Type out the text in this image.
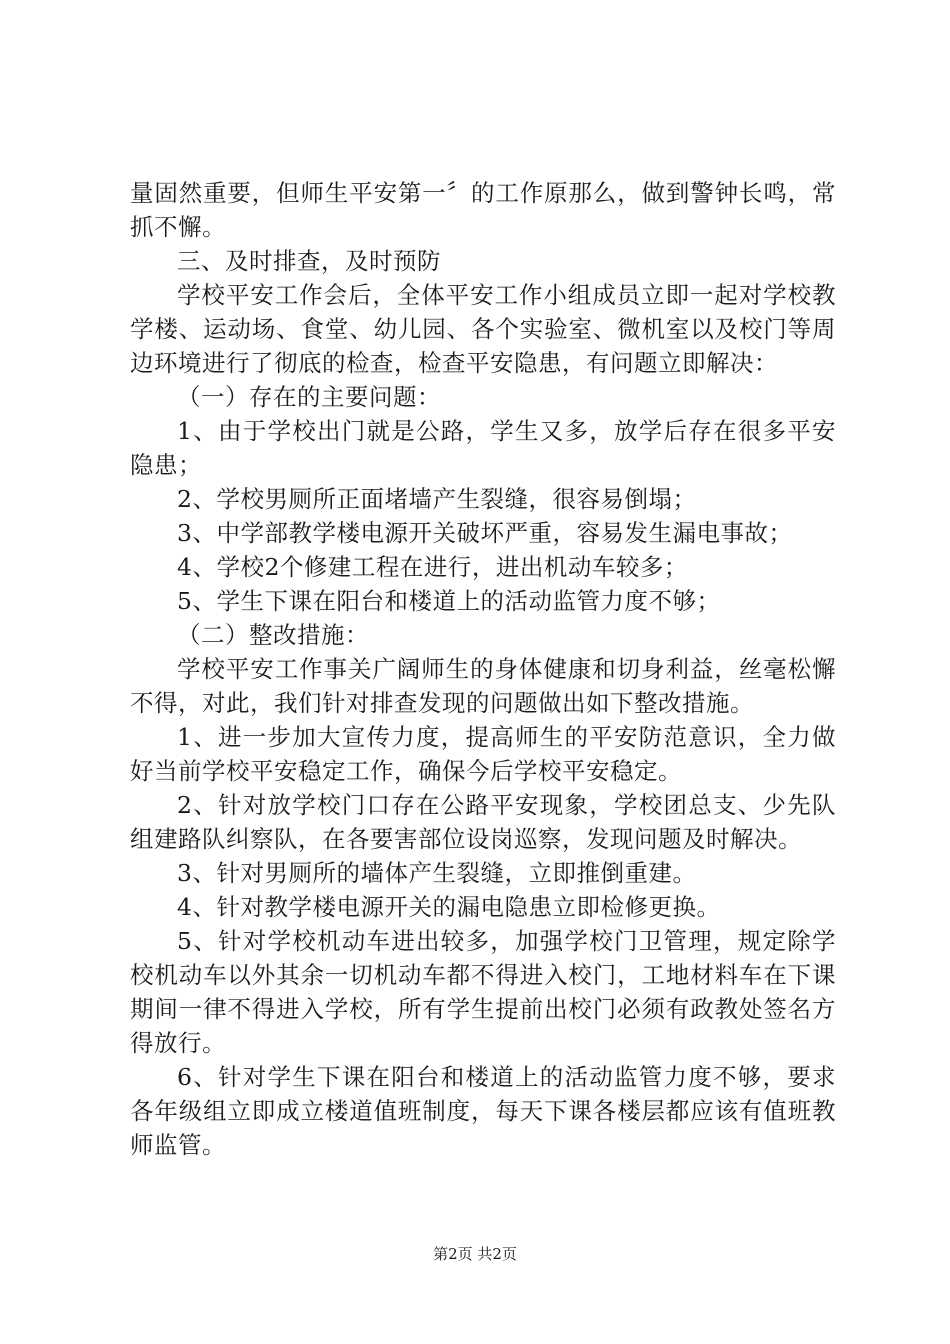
量固然重要，但师生平安第一〞的工作原那么，做到警钟长鸣，常抓不懈。

三、及时排查，及时预防

学校平安工作会后，全体平安工作小组成员立即一起对学校教学楼、运动场、食堂、幼儿园、各个实验室、微机室以及校门等周边环境进行了彻底的检查，检查平安隐患，有问题立即解决：

（一）存在的主要问题：

1、由于学校出门就是公路，学生又多，放学后存在很多平安隐患；

2、学校男厕所正面堵墙产生裂缝，很容易倒塌；

3、中学部教学楼电源开关破坏严重，容易发生漏电事故；

4、学校2个修建工程在进行，进出机动车较多；

5、学生下课在阳台和楼道上的活动监管力度不够；

（二）整改措施：

学校平安工作事关广阔师生的身体健康和切身利益，丝毫松懈不得，对此，我们针对排查发现的问题做出如下整改措施。

1、进一步加大宣传力度，提高师生的平安防范意识，全力做好当前学校平安稳定工作，确保今后学校平安稳定。

2、针对放学校门口存在公路平安现象，学校团总支、少先队组建路队纠察队，在各要害部位设岗巡察，发现问题及时解决。

3、针对男厕所的墙体产生裂缝，立即推倒重建。

4、针对教学楼电源开关的漏电隐患立即检修更换。

5、针对学校机动车进出较多，加强学校门卫管理，规定除学校机动车以外其余一切机动车都不得进入校门，工地材料车在下课期间一律不得进入学校，所有学生提前出校门必须有政教处签名方得放行。

6、针对学生下课在阳台和楼道上的活动监管力度不够，要求各年级组立即成立楼道值班制度，每天下课各楼层都应该有值班教师监管。

第2页 共2页
